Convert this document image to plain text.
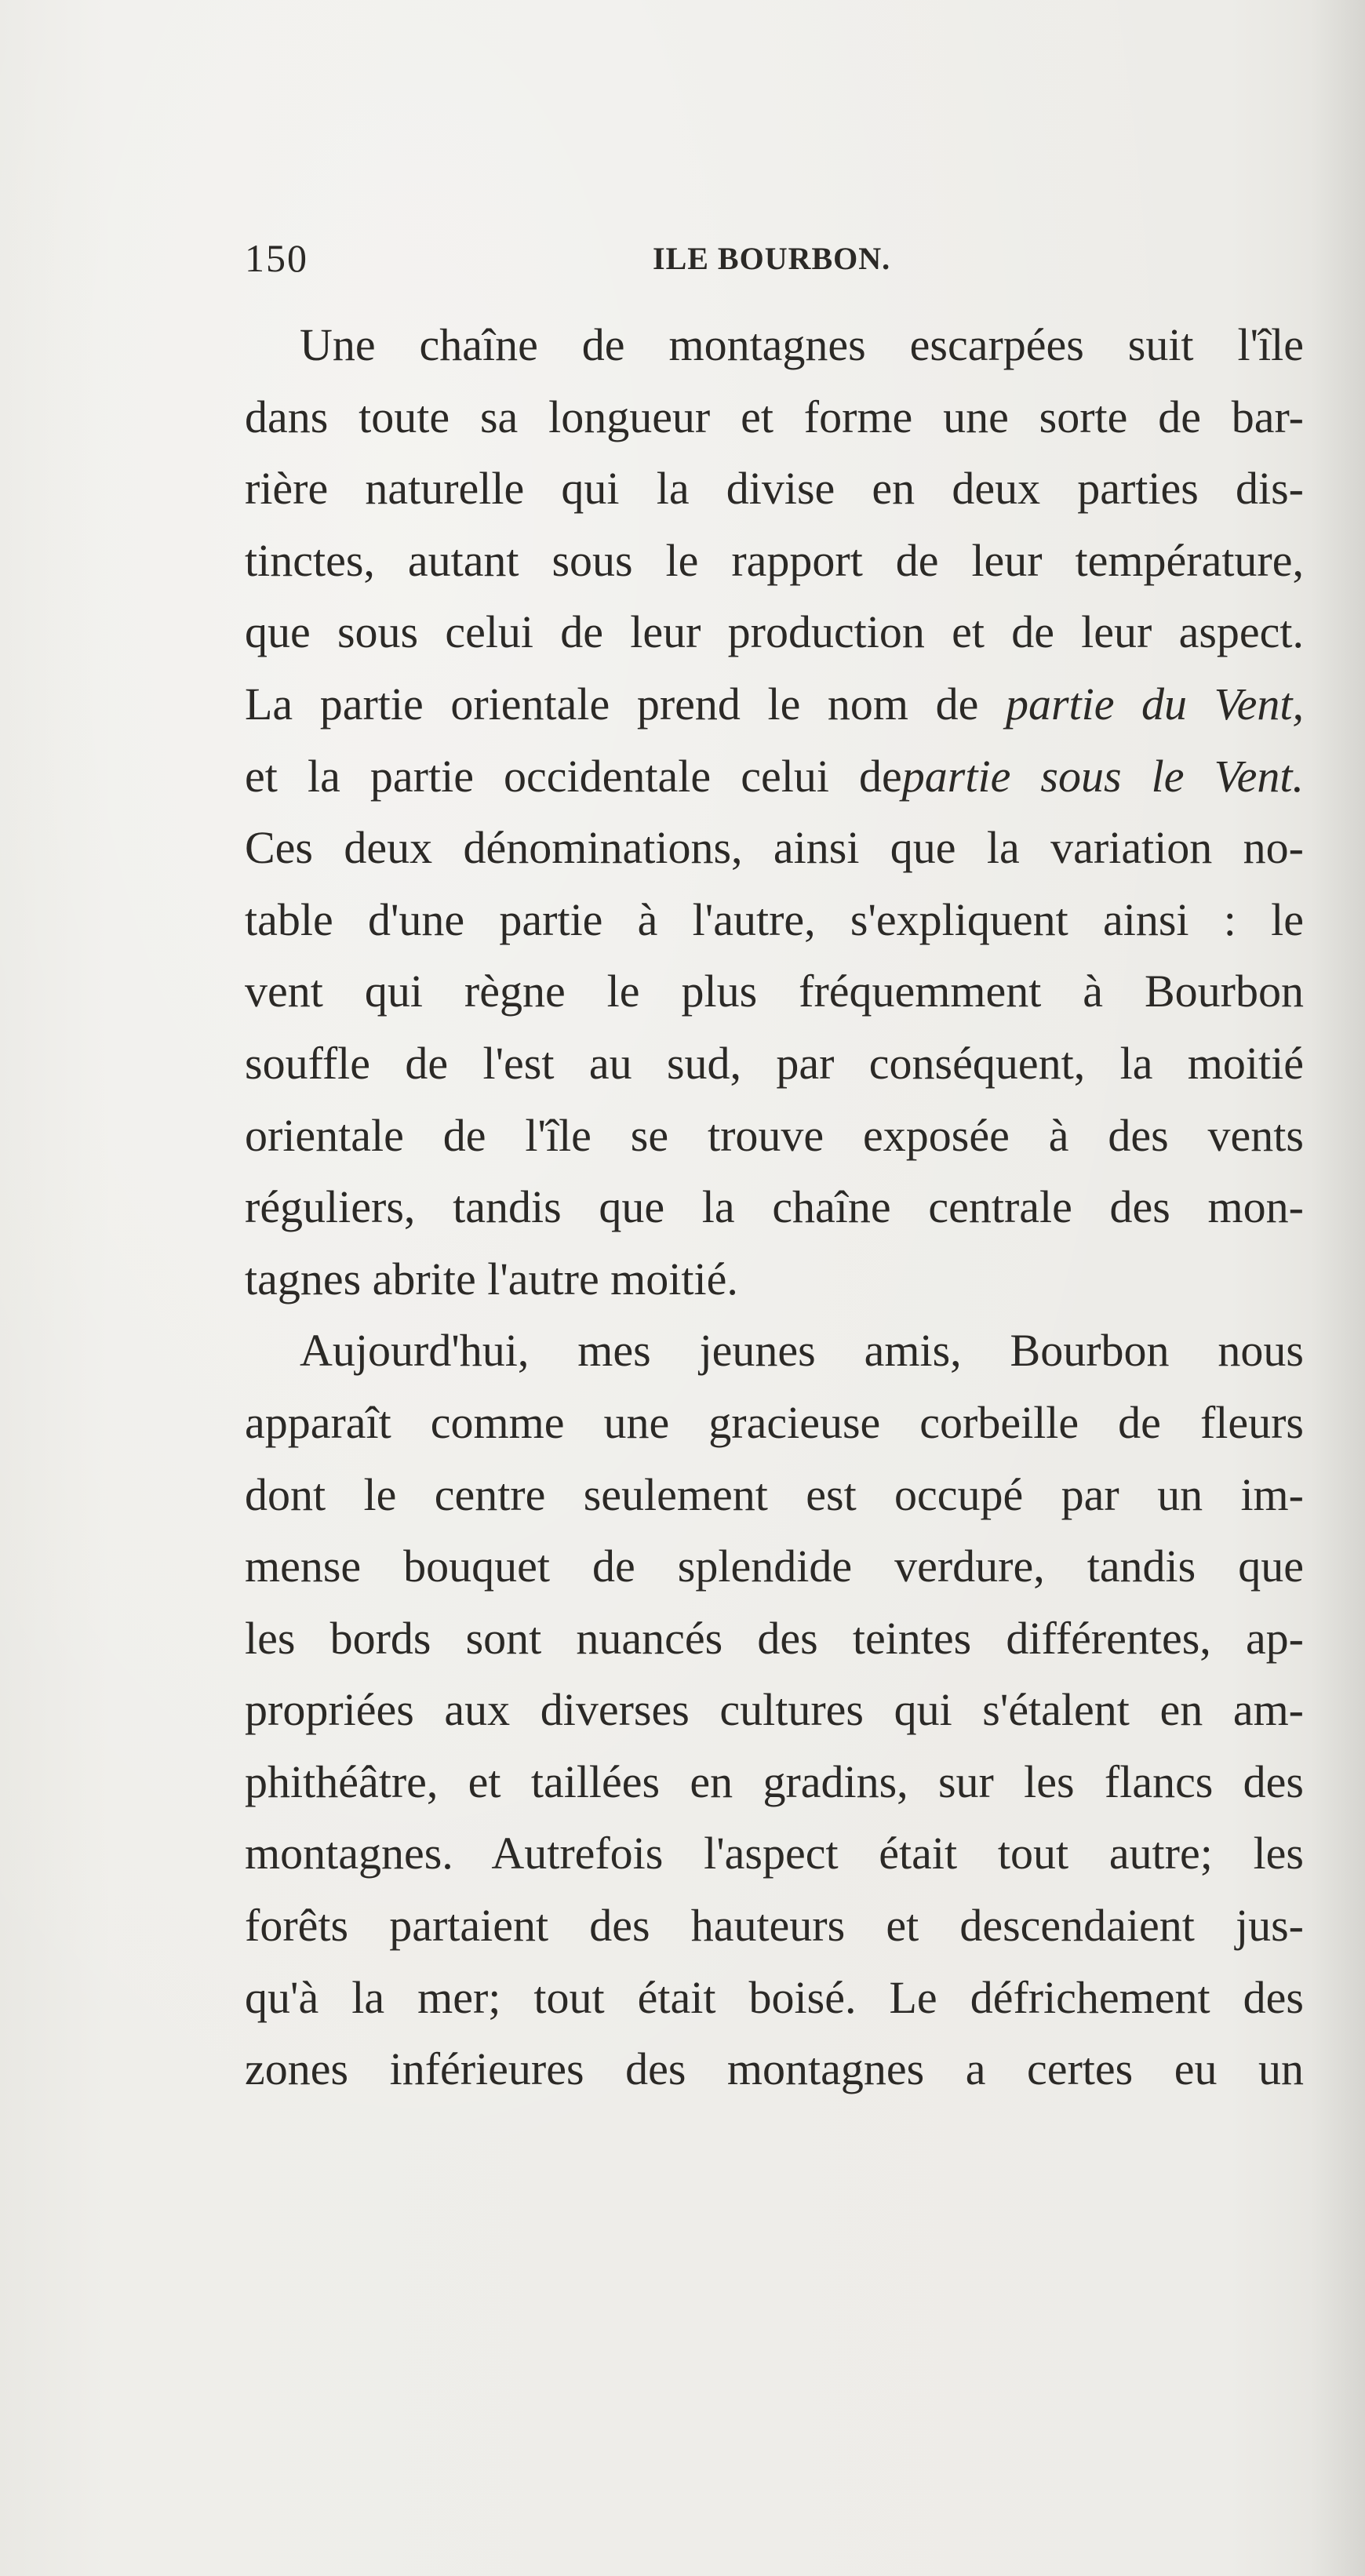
150	ILE BOURBON.
Une chaîne de montagnes escarpées suit l'île
dans toute sa longueur et forme une sorte de bar-
rière naturelle qui la divise en deux parties dis-
tinctes, autant sous le rapport de leur température,
que sous celui de leur production et de leur aspect.
La partie orientale prend le nom de partie du Vent,
et la partie occidentale celui departie sous le Vent.
Ces deux dénominations, ainsi que la variation no-
table d'une partie à l'autre, s'expliquent ainsi : le
vent qui règne le plus fréquemment à Bourbon
souffle de l'est au sud, par conséquent, la moitié
orientale de l'île se trouve exposée à des vents
réguliers, tandis que la chaîne centrale des mon-
tagnes abrite l'autre moitié.
Aujourd'hui, mes jeunes amis, Bourbon nous
apparaît comme une gracieuse corbeille de fleurs
dont le centre seulement est occupé par un im-
mense bouquet de splendide verdure, tandis que
les bords sont nuancés des teintes différentes, ap-
propriées aux diverses cultures qui s'étalent en am-
phithéâtre, et taillées en gradins, sur les flancs des
montagnes. Autrefois l'aspect était tout autre; les
forêts partaient des hauteurs et descendaient jus-
qu'à la mer; tout était boisé. Le défrichement des
zones inférieures des montagnes a certes eu un
